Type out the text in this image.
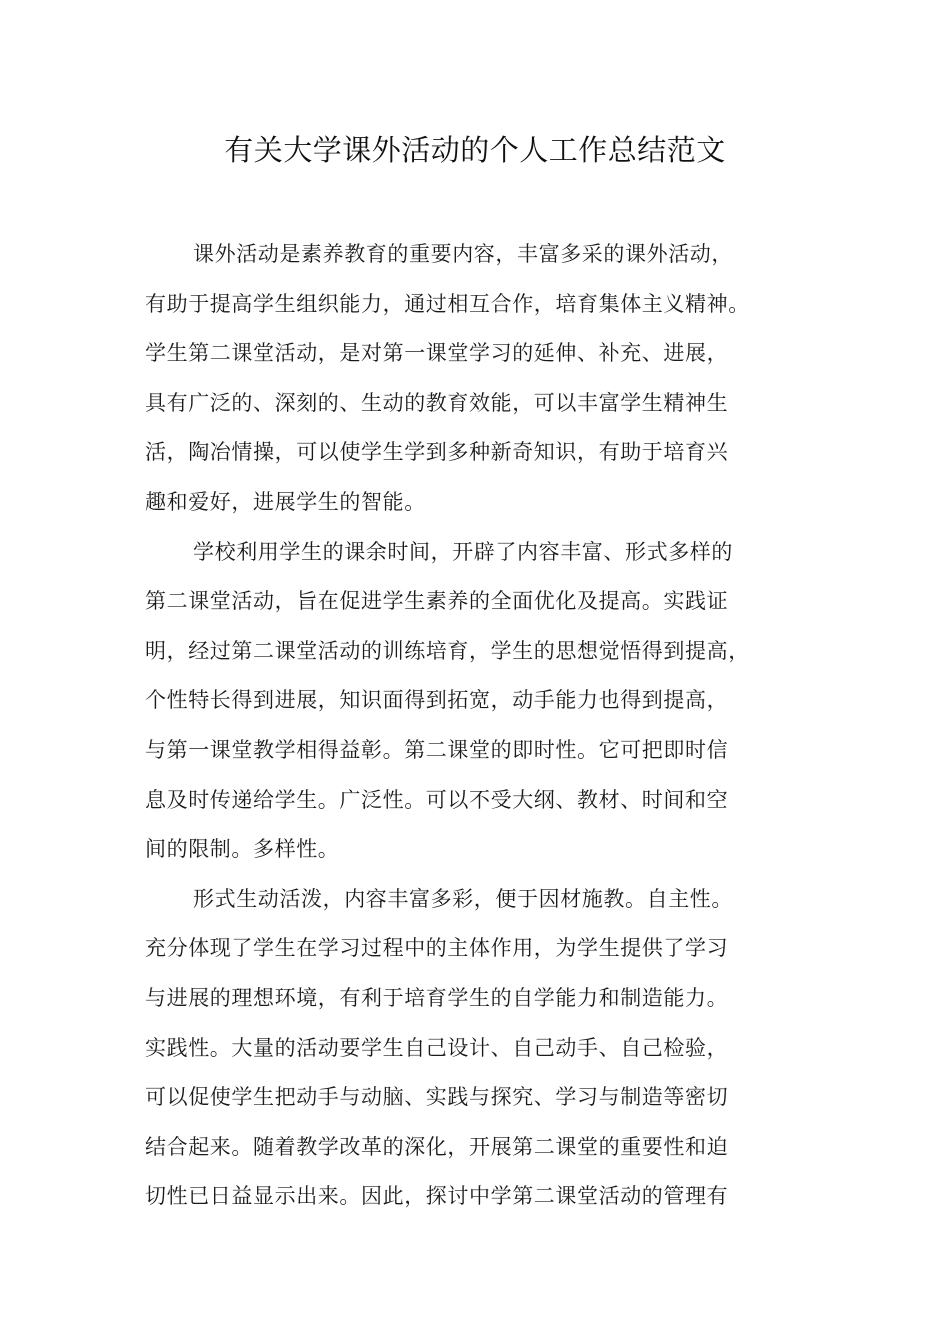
有关大学课外活动的个人工作总结范文
课外活动是素养教育的重要内容，丰富多采的课外活动，
有助于提高学生组织能力，通过相互合作，培育集体主义精神。
学生第二课堂活动，是对第一课堂学习的延伸、补充、进展，
具有广泛的、深刻的、生动的教育效能，可以丰富学生精神生
活，陶冶情操，可以使学生学到多种新奇知识，有助于培育兴
趣和爱好，进展学生的智能。
学校利用学生的课余时间，开辟了内容丰富、形式多样的
第二课堂活动，旨在促进学生素养的全面优化及提高。实践证
明，经过第二课堂活动的训练培育，学生的思想觉悟得到提高，
个性特长得到进展，知识面得到拓宽，动手能力也得到提高，
与第一课堂教学相得益彰。第二课堂的即时性。它可把即时信
息及时传递给学生。广泛性。可以不受大纲、教材、时间和空
间的限制。多样性。
形式生动活泼，内容丰富多彩，便于因材施教。自主性。
充分体现了学生在学习过程中的主体作用，为学生提供了学习
与进展的理想环境，有利于培育学生的自学能力和制造能力。
实践性。大量的活动要学生自己设计、自己动手、自己检验，
可以促使学生把动手与动脑、实践与探究、学习与制造等密切
结合起来。随着教学改革的深化，开展第二课堂的重要性和迫
切性已日益显示出来。因此，探讨中学第二课堂活动的管理有
